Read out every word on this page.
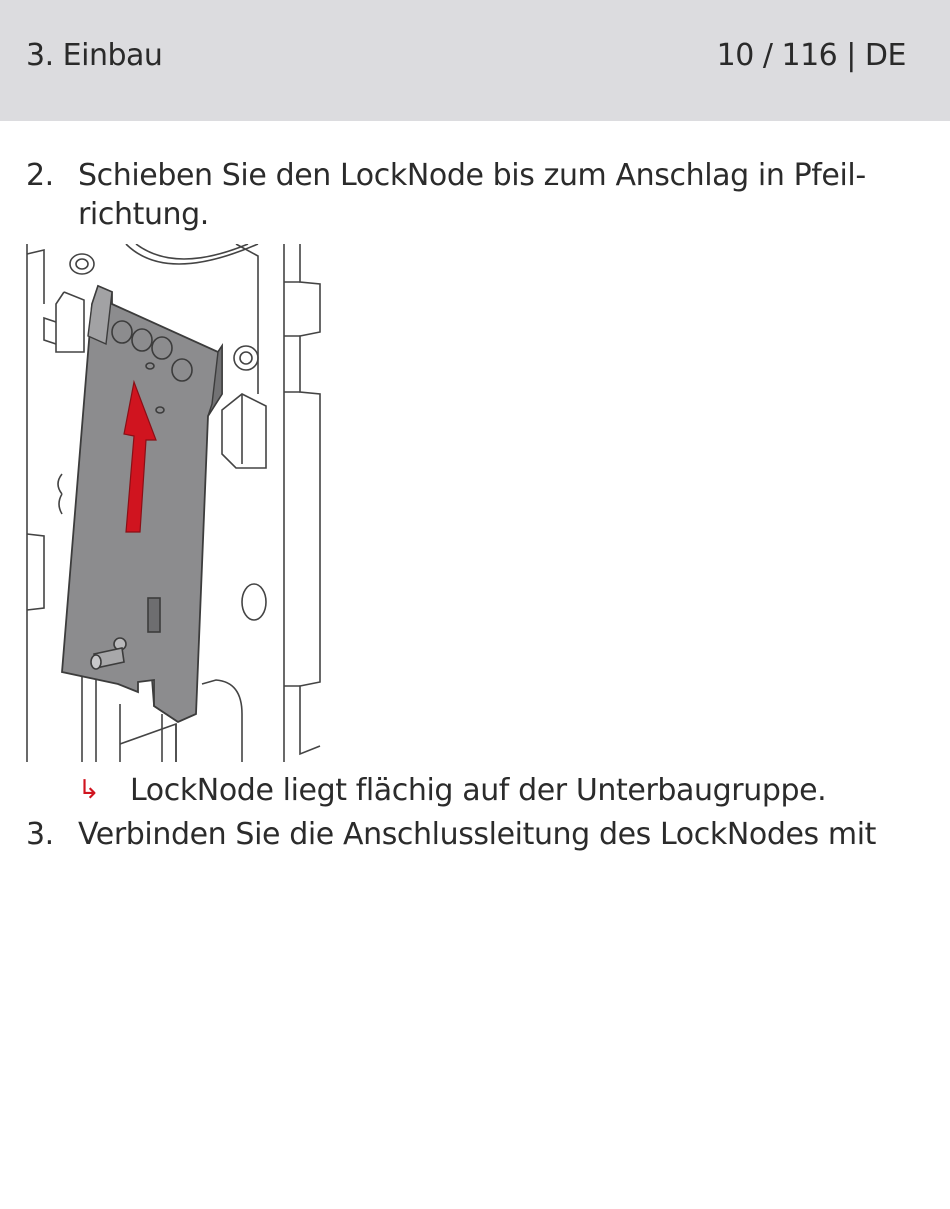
3. Einbau	10 / 116 | DE
2. Schieben Sie den LockNode bis zum Anschlag in Pfeil-richtung.
↳ LockNode liegt flächig auf der Unterbaugruppe.
3. Verbinden Sie die Anschlussleitung des LockNodes mit
